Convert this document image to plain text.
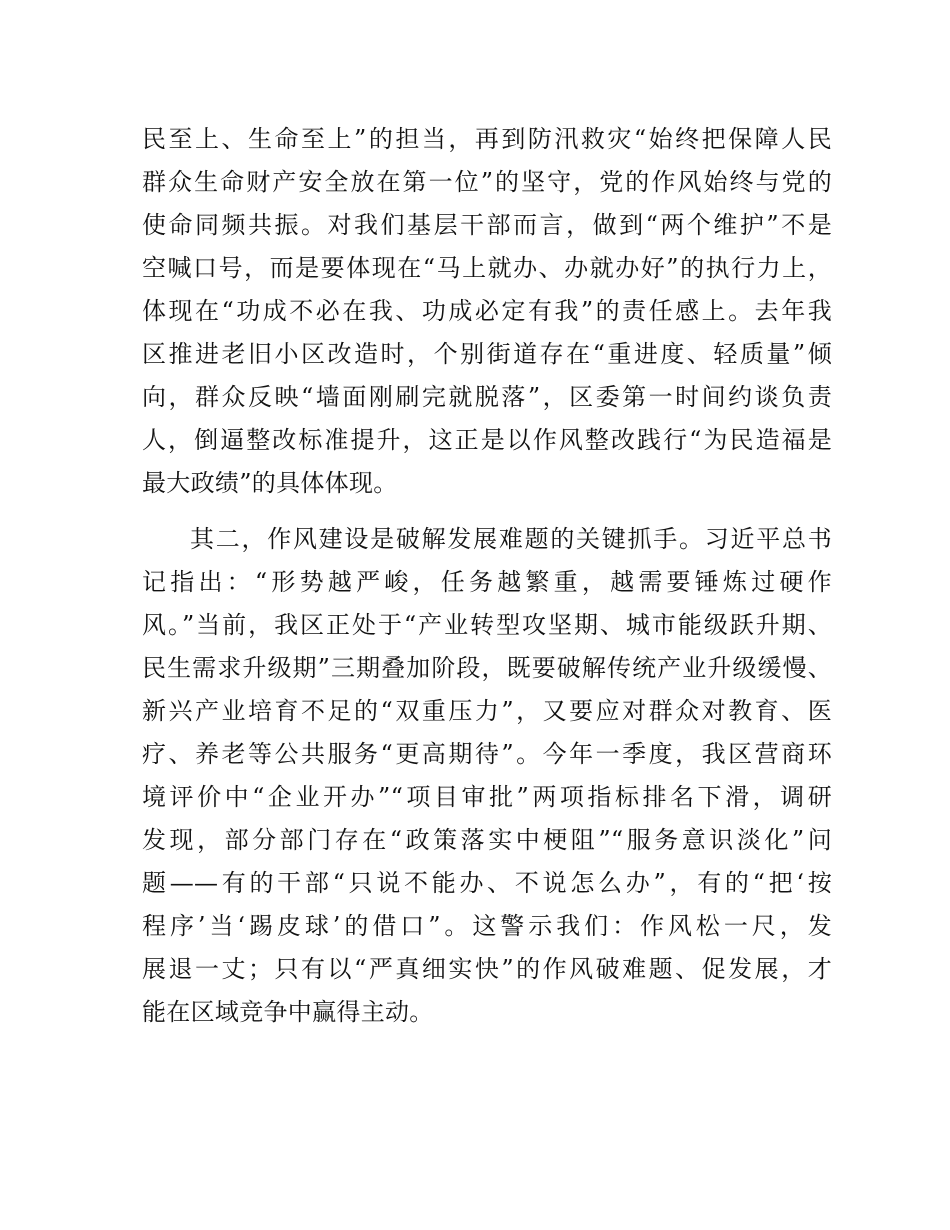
民至上、生命至上”的担当，再到防汛救灾“始终把保障人民
群众生命财产安全放在第一位”的坚守，党的作风始终与党的
使命同频共振。对我们基层干部而言，做到“两个维护”不是
空喊口号，而是要体现在“马上就办、办就办好”的执行力上，
体现在“功成不必在我、功成必定有我”的责任感上。去年我
区推进老旧小区改造时，个别街道存在“重进度、轻质量”倾
向，群众反映“墙面刚刷完就脱落”，区委第一时间约谈负责
人，倒逼整改标准提升，这正是以作风整改践行“为民造福是
最大政绩”的具体体现。
其二，作风建设是破解发展难题的关键抓手。习近平总书
记指出：“形势越严峻，任务越繁重，越需要锤炼过硬作
风。”当前，我区正处于“产业转型攻坚期、城市能级跃升期、
民生需求升级期”三期叠加阶段，既要破解传统产业升级缓慢、
新兴产业培育不足的“双重压力”，又要应对群众对教育、医
疗、养老等公共服务“更高期待”。今年一季度，我区营商环
境评价中“企业开办”“项目审批”两项指标排名下滑，调研
发现，部分部门存在“政策落实中梗阻”“服务意识淡化”问
题——有的干部“只说不能办、不说怎么办”，有的“把‘按
程序’当‘踢皮球’的借口”。这警示我们：作风松一尺，发
展退一丈；只有以“严真细实快”的作风破难题、促发展，才
能在区域竞争中赢得主动。
